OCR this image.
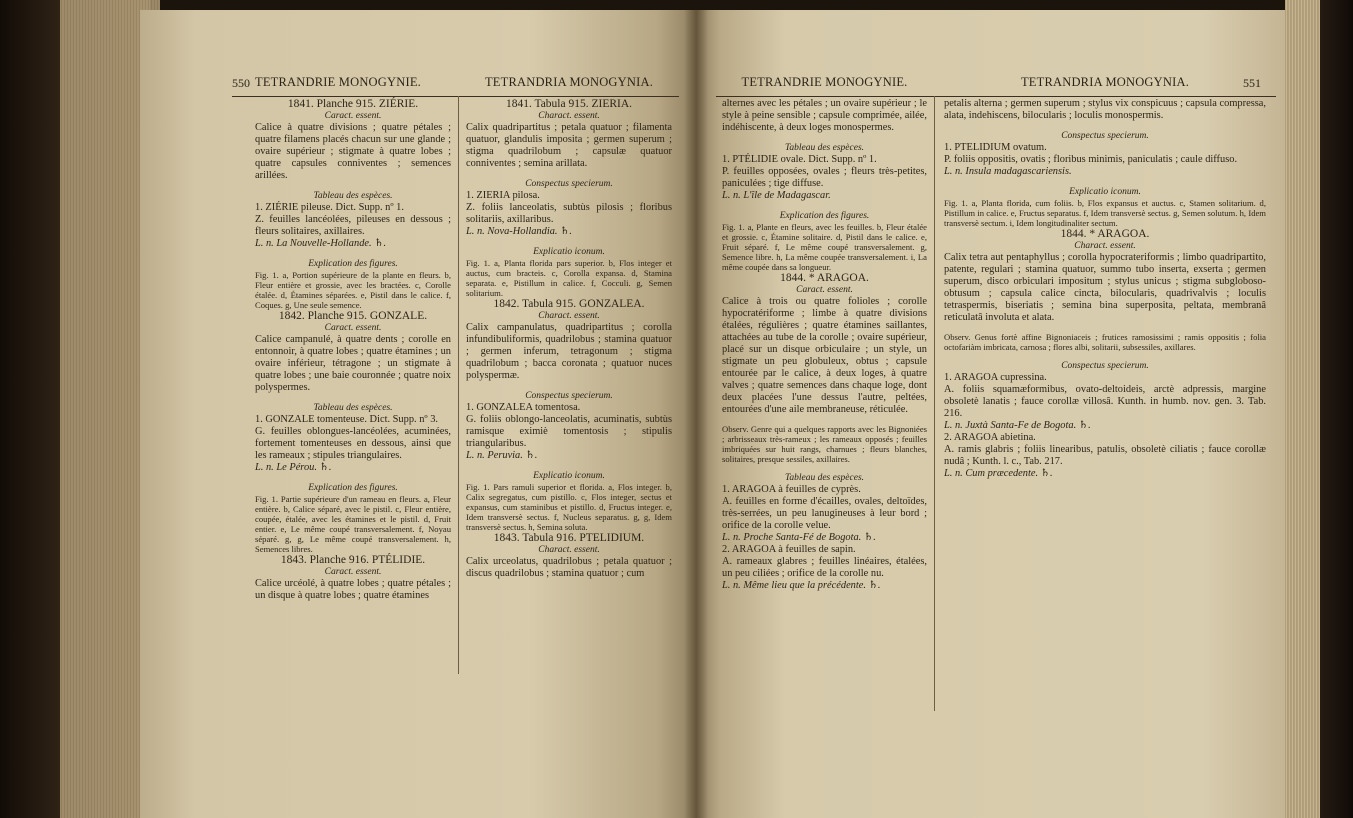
550 TETRANDRIE MONOGYNIE.

1841. Planche 915. ZIÉRIE.

Caract. essent.

Calice à quatre divisions ; quatre pétales ; quatre filamens placés chacun sur une glande ; ovaire supérieur ; stigmate à quatre lobes ; quatre capsules conniventes ; semences arillées.

Tableau des espèces.

1. ZIÉRIE pileuse. Dict. Supp. nº 1.

Z. feuilles lancéolées, pileuses en dessous ; fleurs solitaires, axillaires.

L. n. La Nouvelle-Hollande. ♄.

Explication des figures.

Fig. 1. a, Portion supérieure de la plante en fleurs. b, Fleur entière et grossie, avec les bractées. c, Corolle étalée. d, Étamines séparées. e, Pistil dans le calice. f, Coques. g, Une seule semence.

1842. Planche 915. GONZALE.

Caract. essent.

Calice campanulé, à quatre dents ; corolle en entonnoir, à quatre lobes ; quatre étamines ; un ovaire inférieur, tétragone ; un stigmate à quatre lobes ; une baie couronnée ; quatre noix polyspermes.

Tableau des espèces.

1. GONZALE tomenteuse. Dict. Supp. nº 3.

G. feuilles oblongues-lancéolées, acuminées, fortement tomenteuses en dessous, ainsi que les rameaux ; stipules triangulaires.

L. n. Le Pérou. ♄.

Explication des figures.

Fig. 1. Partie supérieure d'un rameau en fleurs. a, Fleur entière. b, Calice séparé, avec le pistil. c, Fleur entière, coupée, étalée, avec les étamines et le pistil. d, Fruit entier. e, Le même coupé transversalement. f, Noyau séparé. g, g, Le même coupé transversalement. h, Semences libres.

1843. Planche 916. PTÉLIDIE.

Caract. essent.

Calice urcéolé, à quatre lobes ; quatre pétales ; un disque à quatre lobes ; quatre étamines

TETRANDRIA MONOGYNIA.

1841. Tabula 915. ZIERIA.

Charact. essent.

Calix quadripartitus ; petala quatuor ; filamenta quatuor, glandulis imposita ; germen superum ; stigma quadrilobum ; capsulæ quatuor conniventes ; semina arillata.

Conspectus specierum.

1. ZIERIA pilosa.

Z. foliis lanceolatis, subtùs pilosis ; floribus solitariis, axillaribus.

L. n. Nova-Hollandia. ♄.

Explicatio iconum.

Fig. 1. a, Planta florida pars superior. b, Flos integer et auctus, cum bracteis. c, Corolla expansa. d, Stamina separata. e, Pistillum in calice. f, Cocculi. g, Semen solitarium.

1842. Tabula 915. GONZALEA.

Charact. essent.

Calix campanulatus, quadripartitus ; corolla infundibuliformis, quadrilobus ; stamina quatuor ; germen inferum, tetragonum ; stigma quadrilobum ; bacca coronata ; quatuor nuces polyspermæ.

Conspectus specierum.

1. GONZALEA tomentosa.

G. foliis oblongo-lanceolatis, acuminatis, subtùs ramisque eximiè tomentosis ; stipulis triangularibus.

L. n. Peruvia. ♄.

Explicatio iconum.

Fig. 1. Pars ramuli superior et florida. a, Flos integer. b, Calix segregatus, cum pistillo. c, Flos integer, sectus et expansus, cum staminibus et pistillo. d, Fructus integer. e, Idem transversè sectus. f, Nucleus separatus. g, g, Idem transversè sectus. h, Semina soluta.

1843. Tabula 916. PTELIDIUM.

Charact. essent.

Calix urceolatus, quadrilobus ; petala quatuor ; discus quadrilobus ; stamina quatuor ; cum

551
TETRANDRIE MONOGYNIE.

alternes avec les pétales ; un ovaire supérieur ; le style à peine sensible ; capsule comprimée, ailée, indéhiscente, à deux loges monospermes.

Tableau des espèces.

1. PTÉLIDIE ovale. Dict. Supp. nº 1.

P. feuilles opposées, ovales ; fleurs très-petites, paniculées ; tige diffuse.

L. n. L'île de Madagascar.

Explication des figures.

Fig. 1. a, Plante en fleurs, avec les feuilles. b, Fleur étalée et grossie. c, Étamine solitaire. d, Pistil dans le calice. e, Fruit séparé. f, Le même coupé transversalement. g, Semence libre. h, La même coupée transversalement. i, La même coupée dans sa longueur.

1844. * ARAGOA.

Caract. essent.

Calice à trois ou quatre folioles ; corolle hypocratériforme ; limbe à quatre divisions étalées, régulières ; quatre étamines saillantes, attachées au tube de la corolle ; ovaire supérieur, placé sur un disque orbiculaire ; un style, un stigmate un peu globuleux, obtus ; capsule entourée par le calice, à deux loges, à quatre valves ; quatre semences dans chaque loge, dont deux placées l'une dessus l'autre, peltées, entourées d'une aile membraneuse, réticulée.

Observ. Genre qui a quelques rapports avec les Bignoniées ; arbrisseaux très-rameux ; les rameaux opposés ; feuilles imbriquées sur huit rangs, charnues ; fleurs blanches, solitaires, presque sessiles, axillaires.

Tableau des espèces.

1. ARAGOA à feuilles de cyprès.

A. feuilles en forme d'écailles, ovales, deltoïdes, très-serrées, un peu lanugineuses à leur bord ; orifice de la corolle velue.

L. n. Proche Santa-Fé de Bogota. ♄.

2. ARAGOA à feuilles de sapin.

A. rameaux glabres ; feuilles linéaires, étalées, un peu ciliées ; orifice de la corolle nu.

L. n. Même lieu que la précédente. ♄.

TETRANDRIA MONOGYNIA.

petalis alterna ; germen superum ; stylus vix conspicuus ; capsula compressa, alata, indehiscens, bilocularis ; loculis monospermis.

Conspectus specierum.

1. PTELIDIUM ovatum.

P. foliis oppositis, ovatis ; floribus minimis, paniculatis ; caule diffuso.

L. n. Insula madagascariensis.

Explicatio iconum.

Fig. 1. a, Planta florida, cum foliis. b, Flos expansus et auctus. c, Stamen solitarium. d, Pistillum in calice. e, Fructus separatus. f, Idem transversè sectus. g, Semen solutum. h, Idem transversè sectum. i, Idem longitudinaliter sectum.

1844. * ARAGOA.

Charact. essent.

Calix tetra aut pentaphyllus ; corolla hypocrateriformis ; limbo quadripartito, patente, regulari ; stamina quatuor, summo tubo inserta, exserta ; germen superum, disco orbiculari impositum ; stylus unicus ; stigma subgloboso-obtusum ; capsula calice cincta, bilocularis, quadrivalvis ; loculis tetraspermis, biseriatis ; semina bina superposita, peltata, membranâ reticulatâ involuta et alata.

Observ. Genus fortè affine Bignoniaceis ; frutices ramosissimi ; ramis oppositis ; folia octofariàm imbricata, carnosa ; flores albi, solitarii, subsessiles, axillares.

Conspectus specierum.

1. ARAGOA cupressina.

A. foliis squamæformibus, ovato-deltoideis, arctè adpressis, margine obsoletè lanatis ; fauce corollæ villosâ. Kunth. in humb. nov. gen. 3. Tab. 216.

L. n. Juxtà Santa-Fe de Bogota. ♄.

2. ARAGOA abietina.

A. ramis glabris ; foliis linearibus, patulis, obsoletè ciliatis ; fauce corollæ nudâ ; Kunth. l. c., Tab. 217.

L. n. Cum præcedente. ♄.
